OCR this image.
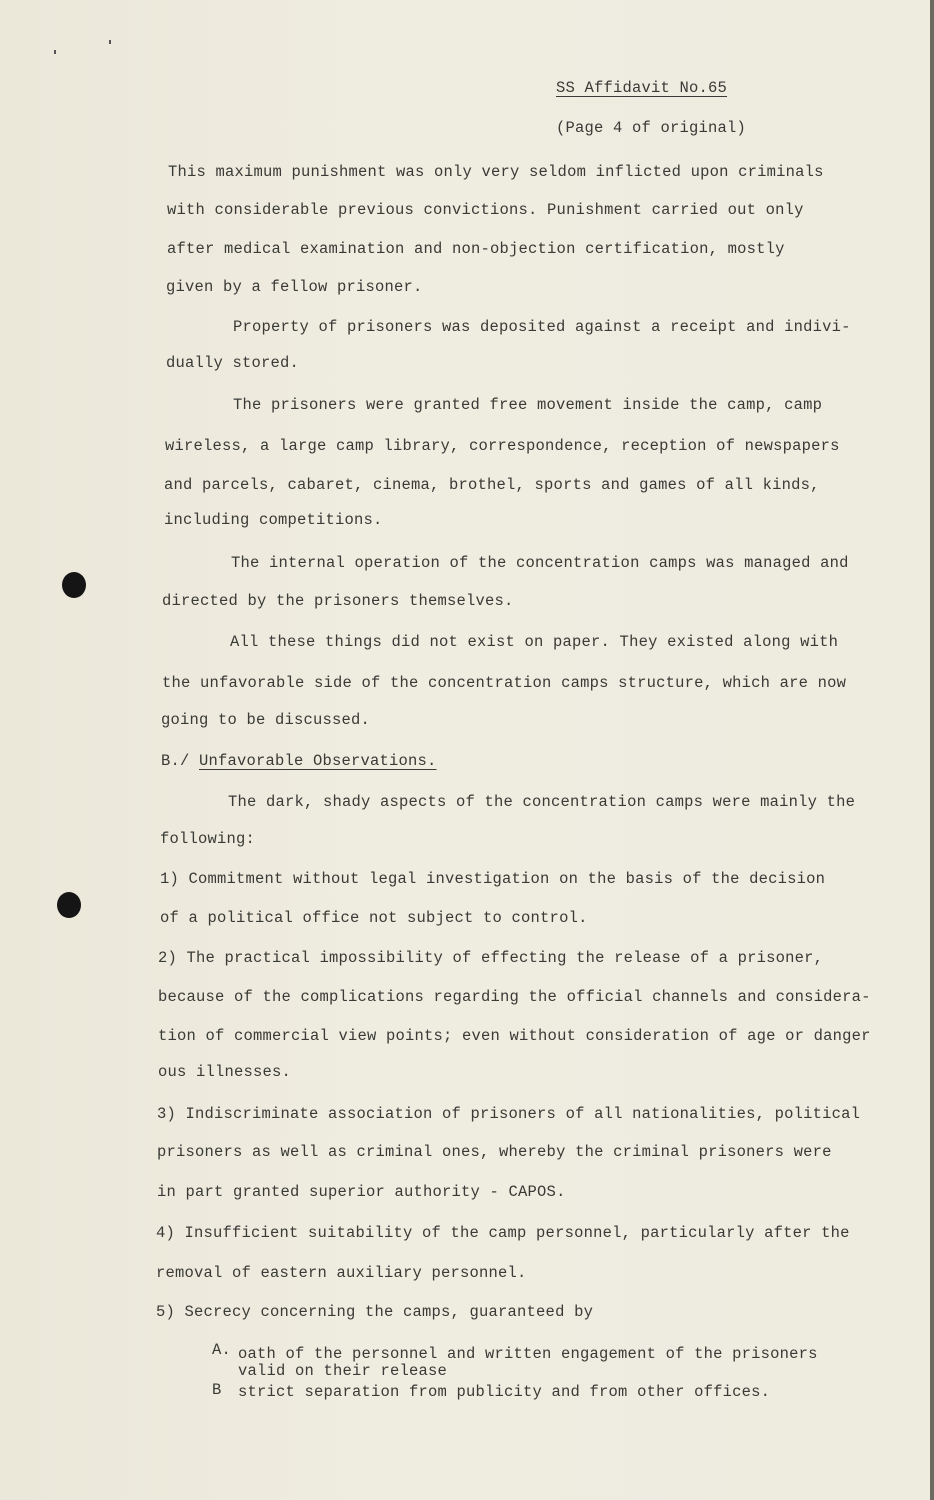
SS Affidavit No.65
(Page 4 of original)
This maximum punishment was only very seldom inflicted upon criminals
with considerable previous convictions. Punishment carried out only
after medical examination and non-objection certification, mostly
given by a fellow prisoner.
Property of prisoners was deposited against a receipt and indivi-
dually stored.
The prisoners were granted free movement inside the camp, camp
wireless, a large camp library, correspondence, reception of newspapers
and parcels, cabaret, cinema, brothel, sports and games of all kinds,
including competitions.
The internal operation of the concentration camps was managed and
directed by the prisoners themselves.
All these things did not exist on paper. They existed along with
the unfavorable side of the concentration camps structure, which are now
going to be discussed.
B./ Unfavorable Observations.
The dark, shady aspects of the concentration camps were mainly the
following:
1) Commitment without legal investigation on the basis of the decision
of a political office not subject to control.
2) The practical impossibility of effecting the release of a prisoner,
because of the complications regarding the official channels and considera-
tion of commercial view points; even without consideration of age or danger
ous illnesses.
3) Indiscriminate association of prisoners of all nationalities, political
prisoners as well as criminal ones, whereby the criminal prisoners were
in part granted superior authority - CAPOS.
4) Insufficient suitability of the camp personnel, particularly after the
removal of eastern auxiliary personnel.
5) Secrecy concerning the camps, guaranteed by
A. oath of the personnel and written engagement of the prisoners
valid on their release
B strict separation from publicity and from other offices.
